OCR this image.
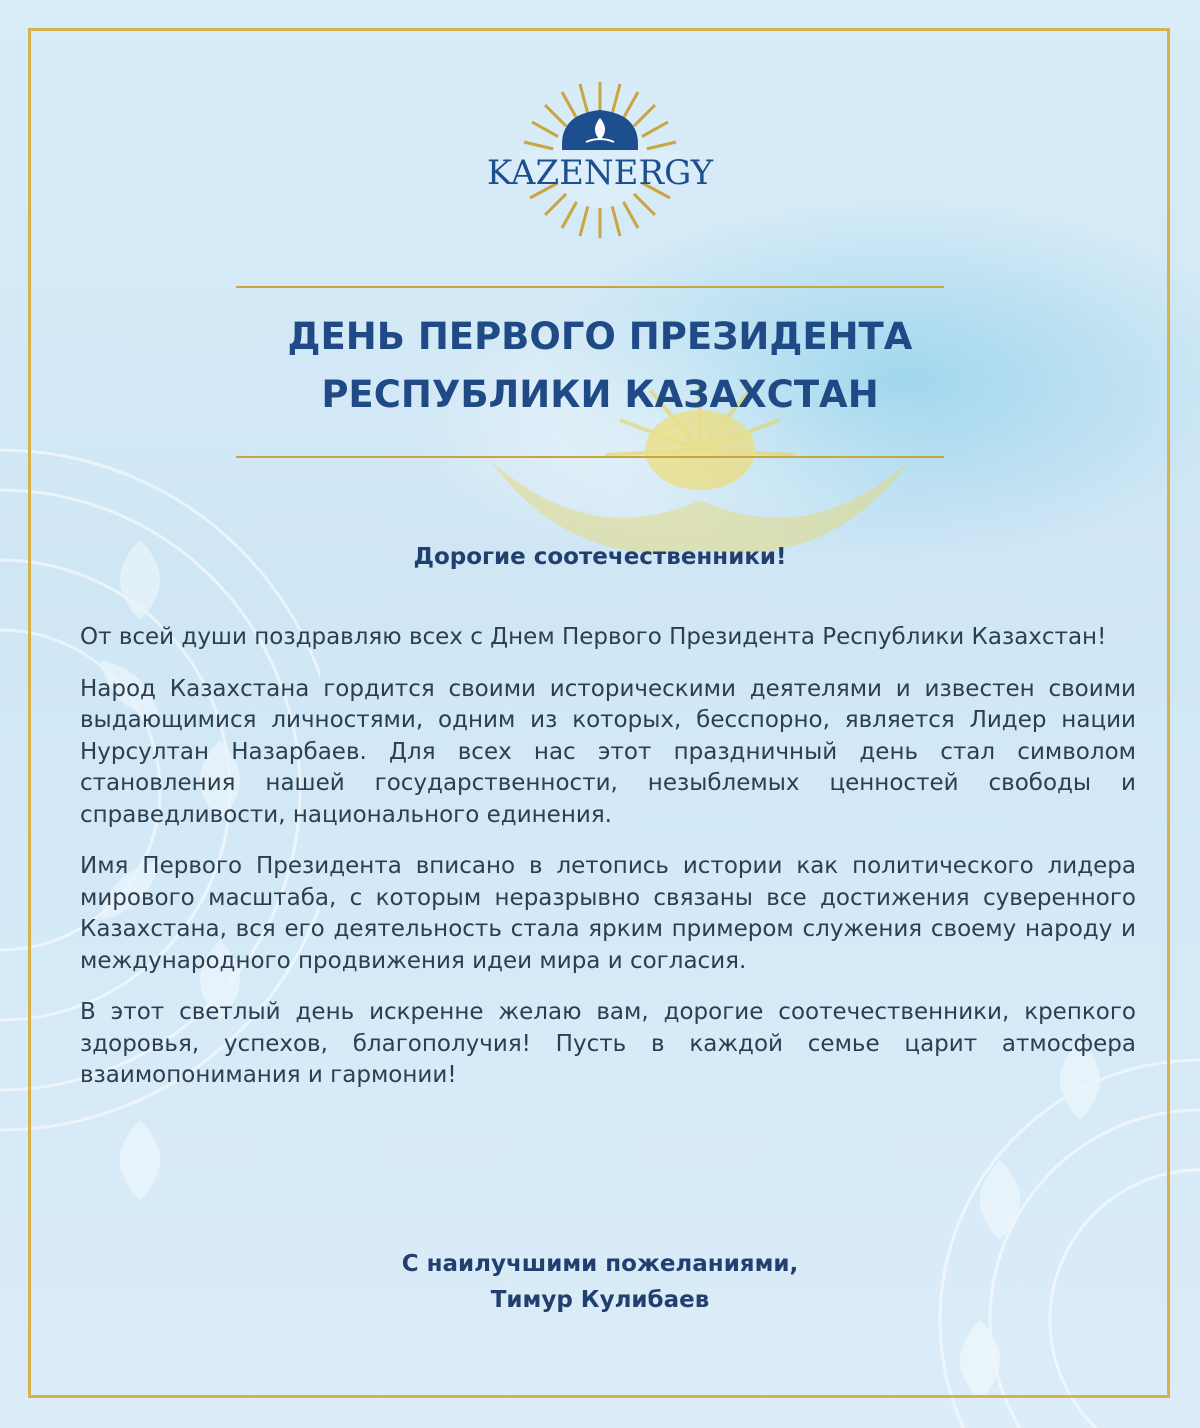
KAZENERGY
ДЕНЬ ПЕРВОГО ПРЕЗИДЕНТА
РЕСПУБЛИКИ КАЗАХСТАН
Дорогие соотечественники!

От всей души поздравляю всех с Днем Первого Президента Республики Казахстан!

Народ Казахстана гордится своими историческими деятелями и известен своими выдающимися личностями, одним из которых, бесспорно, является Лидер нации Нурсултан Назарбаев. Для всех нас этот праздничный день стал символом становления нашей государственности, незыблемых ценностей свободы и справедливости, национального единения.

Имя Первого Президента вписано в летопись истории как политического лидера мирового масштаба, с которым неразрывно связаны все достижения суверенного Казахстана, вся его деятельность стала ярким примером служения своему народу и международного продвижения идеи мира и согласия.

В этот светлый день искренне желаю вам, дорогие соотечественники, крепкого здоровья, успехов, благополучия! Пусть в каждой семье царит атмосфера взаимопонимания и гармонии!

С наилучшими пожеланиями,
Тимур Кулибаев
